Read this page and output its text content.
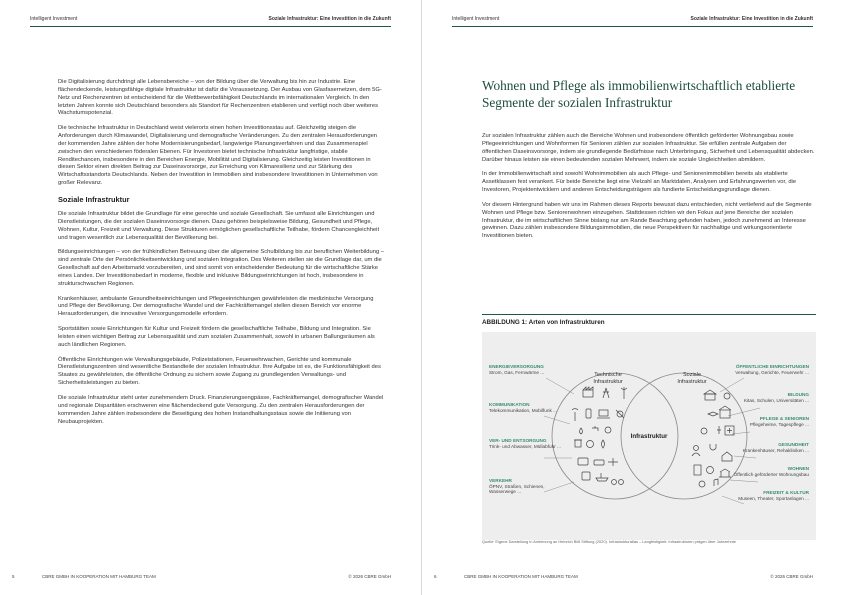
Intelligent Investment	Soziale Infrastruktur: Eine Investition in die Zukunft

Die Digitalisierung durchdringt alle Lebensbereiche – von der Bildung über die Verwaltung bis hin zur Industrie. Eine flächendeckende, leistungsfähige digitale Infrastruktur ist dafür die Voraussetzung. Der Ausbau von Glasfasernetzen, dem 5G-Netz und Rechenzentren ist entscheidend für die Wettbewerbsfähigkeit Deutschlands im internationalen Vergleich. In den letzten Jahren konnte sich Deutschland besonders als Standort für Rechenzentren etablieren und verfügt noch über weiteres Wachstumspotenzial.

Die technische Infrastruktur in Deutschland weist vielerorts einen hohen Investitionsstau auf. Gleichzeitig steigen die Anforderungen durch Klimawandel, Digitalisierung und demografische Veränderungen. Zu den zentralen Herausforderungen der kommenden Jahre zählen der hohe Modernisierungsbedarf, langwierige Planungsverfahren und das Zusammenspiel zwischen den verschiedenen föderalen Ebenen. Für Investoren bietet technische Infrastruktur langfristige, stabile Renditechancen, insbesondere in den Bereichen Energie, Mobilität und Digitalisierung. Gleichzeitig leisten Investitionen in diesen Sektor einen direkten Beitrag zur Daseinsvorsorge, zur Erreichung von Klimaresilienz und zur Stärkung des Wirtschaftsstandorts Deutschlands. Neben der Investition in Immobilien sind insbesondere Investitionen in Unternehmen von großer Relevanz.

Soziale Infrastruktur

Die soziale Infrastruktur bildet die Grundlage für eine gerechte und soziale Gesellschaft. Sie umfasst alle Einrichtungen und Dienstleistungen, die der sozialen Daseinsvorsorge dienen. Dazu gehören beispielsweise Bildung, Gesundheit und Pflege, Wohnen, Kultur, Freizeit und Verwaltung. Diese Strukturen ermöglichen gesellschaftliche Teilhabe, fördern Chancengleichheit und tragen wesentlich zur Lebensqualität der Bevölkerung bei.

Bildungseinrichtungen – von der frühkindlichen Betreuung über die allgemeine Schulbildung bis zur beruflichen Weiterbildung – sind zentrale Orte der Persönlichkeitsentwicklung und sozialen Integration. Des Weiteren stellen sie die Grundlage dar, um die Gesellschaft auf den Arbeitsmarkt vorzubereiten, und sind somit von entscheidender Bedeutung für die wirtschaftliche Stärke eines Landes. Der Investitionsbedarf in moderne, flexible und inklusive Bildungseinrichtungen ist hoch, insbesondere in strukturschwachen Regionen.

Krankenhäuser, ambulante Gesundheitseinrichtungen und Pflegeeinrichtungen gewährleisten die medizinische Versorgung und Pflege der Bevölkerung. Der demografische Wandel und der Fachkräftemangel stellen diesen Bereich vor enorme Herausforderungen, die innovative Versorgungsmodelle erfordern.

Sportstätten sowie Einrichtungen für Kultur und Freizeit fördern die gesellschaftliche Teilhabe, Bildung und Integration. Sie leisten einen wichtigen Beitrag zur Lebensqualität und zum sozialen Zusammenhalt, sowohl in urbanen Ballungsräumen als auch ländlichen Regionen.

Öffentliche Einrichtungen wie Verwaltungsgebäude, Polizeistationen, Feuerwehrwachen, Gerichte und kommunale Dienstleistungszentren sind wesentliche Bestandteile der sozialen Infrastruktur. Ihre Aufgabe ist es, die Funktionsfähigkeit des Staates zu gewährleisten, die öffentliche Ordnung zu sichern sowie Zugang zu grundlegenden Verwaltungs- und Sicherheitsleistungen zu bieten.

Die soziale Infrastruktur steht unter zunehmendem Druck. Finanzierungsengpässe, Fachkräftemangel, demografischer Wandel und regionale Disparitäten erschweren eine flächendeckend gute Versorgung. Zu den zentralen Herausforderungen der kommenden Jahre zählen insbesondere die Beseitigung des hohen Instandhaltungsstaus sowie die Initiierung von Neubauprojekten.

5	CBRE GMBH IN KOOPERATION MIT HAMBURG TEAM	© 2026 CBRE GmbH
Intelligent Investment	Soziale Infrastruktur: Eine Investition in die Zukunft
Wohnen und Pflege als immobilienwirtschaftlich etablierte Segmente der sozialen Infrastruktur

Zur sozialen Infrastruktur zählen auch die Bereiche Wohnen und insbesondere öffentlich geförderter Wohnungsbau sowie Pflegeeinrichtungen und Wohnformen für Senioren zählen zur sozialen Infrastruktur. Sie erfüllen zentrale Aufgaben der öffentlichen Daseinsvorsorge, indem sie grundlegende Bedürfnisse nach Unterbringung, Sicherheit und Lebensqualität abdecken. Darüber hinaus leisten sie einen bedeutenden sozialen Mehrwert, indem sie soziale Ungleichheiten abmildern.

In der Immobilienwirtschaft sind sowohl Wohnimmobilien als auch Pflege- und Seniorenimmobilien bereits als etablierte Assetklassen fest verankert. Für beide Bereiche liegt eine Vielzahl an Marktdaten, Analysen und Erfahrungswerten vor, die Investoren, Projektentwicklern und anderen Entscheidungsträgern als fundierte Entscheidungsgrundlage dienen.

Vor diesem Hintergrund haben wir uns im Rahmen dieses Reports bewusst dazu entschieden, nicht vertiefend auf die Segmente Wohnen und Pflege bzw. Seniorenwohnen einzugehen. Stattdessen richten wir den Fokus auf jene Bereiche der sozialen Infrastruktur, die im wirtschaftlichen Sinne bislang nur am Rande Beachtung gefunden haben, jedoch zunehmend an Interesse gewinnen. Dazu zählen insbesondere Bildungsimmobilien, die neue Perspektiven für nachhaltige und wirkungsorientierte Investitionen bieten.

ABBILDUNG 1: Arten von Infrastrukturen
Technische
Infrastruktur
Soziale
Infrastruktur
Infrastruktur
ENERGIEVERSORGUNG
Strom, Gas, Fernwärme ...
KOMMUNIKATION
Telekommunikation, Mobilfunk ...
VER- UND ENTSORGUNG
Trink- und Abwasser, Müllabfuhr ...
VERKEHR
ÖPNV, Straßen, Schienen, Wasserwege ...
ÖFFENTLICHE EINRICHTUNGEN
Verwaltung, Gerichte, Feuerwehr ...
BILDUNG
Kitas, Schulen, Universitäten ...
PFLEGE & SENIOREN
Pflegeheime, Tagespflege ...
GESUNDHEIT
Krankenhäuser, Rehakliniken ...
WOHNEN
Öffentlich geförderter Wohnungsbau
FREIZEIT & KULTUR
Museen, Theater, Sportanlagen ...
Quelle: Eigene Darstellung in Anlehnung an Heinrich Böll Stiftung (2020). Infrastrukturatlas – Langfristigkeit: Infrastrukturen prägen über Jahrzehnte
6	CBRE GMBH IN KOOPERATION MIT HAMBURG TEAM	© 2026 CBRE GmbH
